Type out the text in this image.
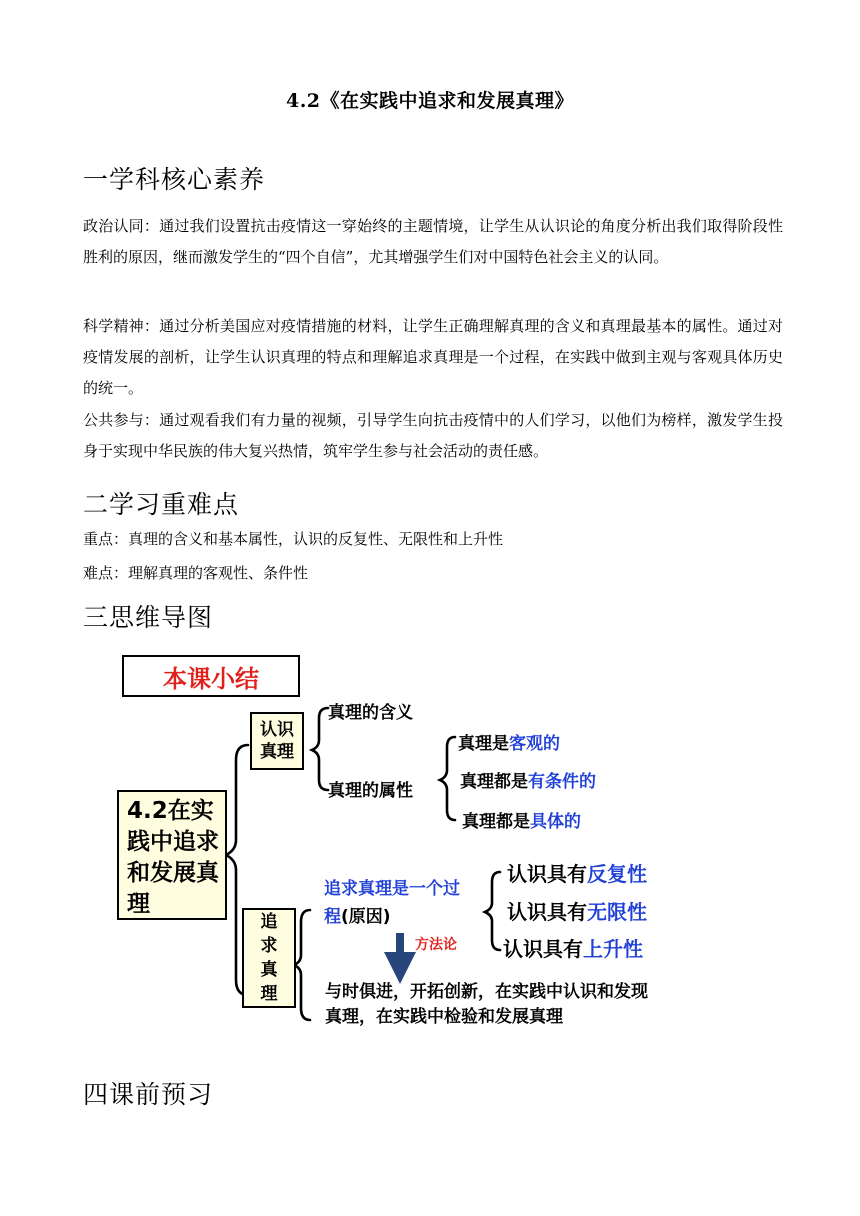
4.2《在实践中追求和发展真理》
一学科核心素养
政治认同：通过我们设置抗击疫情这一穿始终的主题情境，让学生从认识论的角度分析出我们取得阶段性胜利的原因，继而激发学生的“四个自信”，尤其增强学生们对中国特色社会主义的认同。
科学精神：通过分析美国应对疫情措施的材料，让学生正确理解真理的含义和真理最基本的属性。通过对疫情发展的剖析，让学生认识真理的特点和理解追求真理是一个过程，在实践中做到主观与客观具体历史的统一。
公共参与：通过观看我们有力量的视频，引导学生向抗击疫情中的人们学习，以他们为榜样，激发学生投身于实现中华民族的伟大复兴热情，筑牢学生参与社会活动的责任感。
二学习重难点
重点：真理的含义和基本属性，认识的反复性、无限性和上升性
难点：理解真理的客观性、条件性
三思维导图
本课小结
4.2在实践中追求和发展真理
认识真理
真理的含义
真理的属性
真理是客观的
真理都是有条件的
真理都是具体的
追求真理
追求真理是一个过
程(原因)
认识具有反复性
认识具有无限性
认识具有上升性
方法论
与时俱进，开拓创新，在实践中认识和发现
真理，在实践中检验和发展真理
四课前预习
